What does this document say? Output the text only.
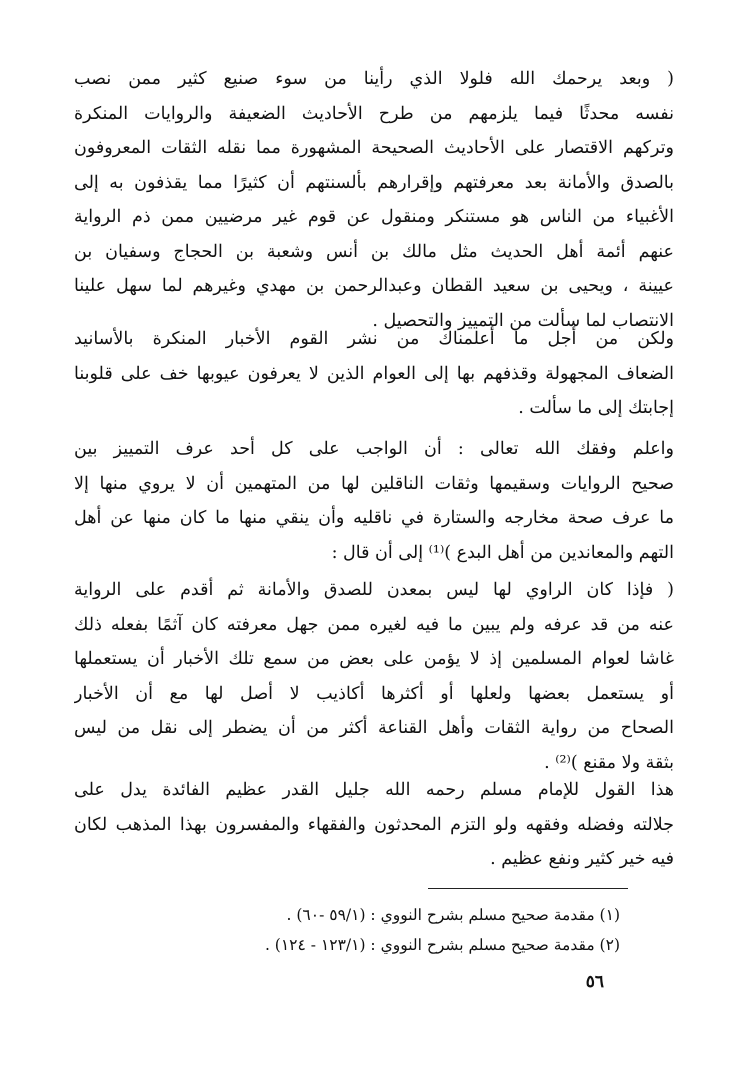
( وبعد يرحمك الله فلولا الذي رأينا من سوء صنيع كثير ممن نصب
نفسه محدثًا فيما يلزمهم من طرح الأحاديث الضعيفة والروايات المنكرة
وتركهم الاقتصار على الأحاديث الصحيحة المشهورة مما نقله الثقات المعروفون
بالصدق والأمانة بعد معرفتهم وإقرارهم بألسنتهم أن كثيرًا مما يقذفون به إلى
الأغبياء من الناس هو مستنكر ومنقول عن قوم غير مرضيين ممن ذم الرواية
عنهم أئمة أهل الحديث مثل مالك بن أنس وشعبة بن الحجاج وسفيان بن
عيينة ، ويحيى بن سعيد القطان وعبدالرحمن بن مهدي وغيرهم لما سهل علينا
الانتصاب لما سألت من التمييز والتحصيل .
ولكن من أجل ما أعلمناك من نشر القوم الأخبار المنكرة بالأسانيد
الضعاف المجهولة وقذفهم بها إلى العوام الذين لا يعرفون عيوبها خف على قلوبنا
إجابتك إلى ما سألت .
واعلم وفقك الله تعالى : أن الواجب على كل أحد عرف التمييز بين
صحيح الروايات وسقيمها وثقات الناقلين لها من المتهمين أن لا يروي منها إلا
ما عرف صحة مخارجه والستارة في ناقليه وأن ينقي منها ما كان منها عن أهل
التهم والمعاندين من أهل البدع )⁽¹⁾ إلى أن قال :
( فإذا كان الراوي لها ليس بمعدن للصدق والأمانة ثم أقدم على الرواية
عنه من قد عرفه ولم يبين ما فيه لغيره ممن جهل معرفته كان آثمًا بفعله ذلك
غاشا لعوام المسلمين إذ لا يؤمن على بعض من سمع تلك الأخبار أن يستعملها
أو يستعمل بعضها ولعلها أو أكثرها أكاذيب لا أصل لها مع أن الأخبار
الصحاح من رواية الثقات وأهل القناعة أكثر من أن يضطر إلى نقل من ليس
بثقة ولا مقنع )⁽²⁾ .
هذا القول للإمام مسلم رحمه الله جليل القدر عظيم الفائدة يدل على
جلالته وفضله وفقهه ولو التزم المحدثون والفقهاء والمفسرون بهذا المذهب لكان
فيه خير كثير ونفع عظيم .
(١) مقدمة صحيح مسلم بشرح النووي : (٥٩/١ -٦٠) .
(٢) مقدمة صحيح مسلم بشرح النووي : (١٢٣/١ - ١٢٤) .
٥٦
